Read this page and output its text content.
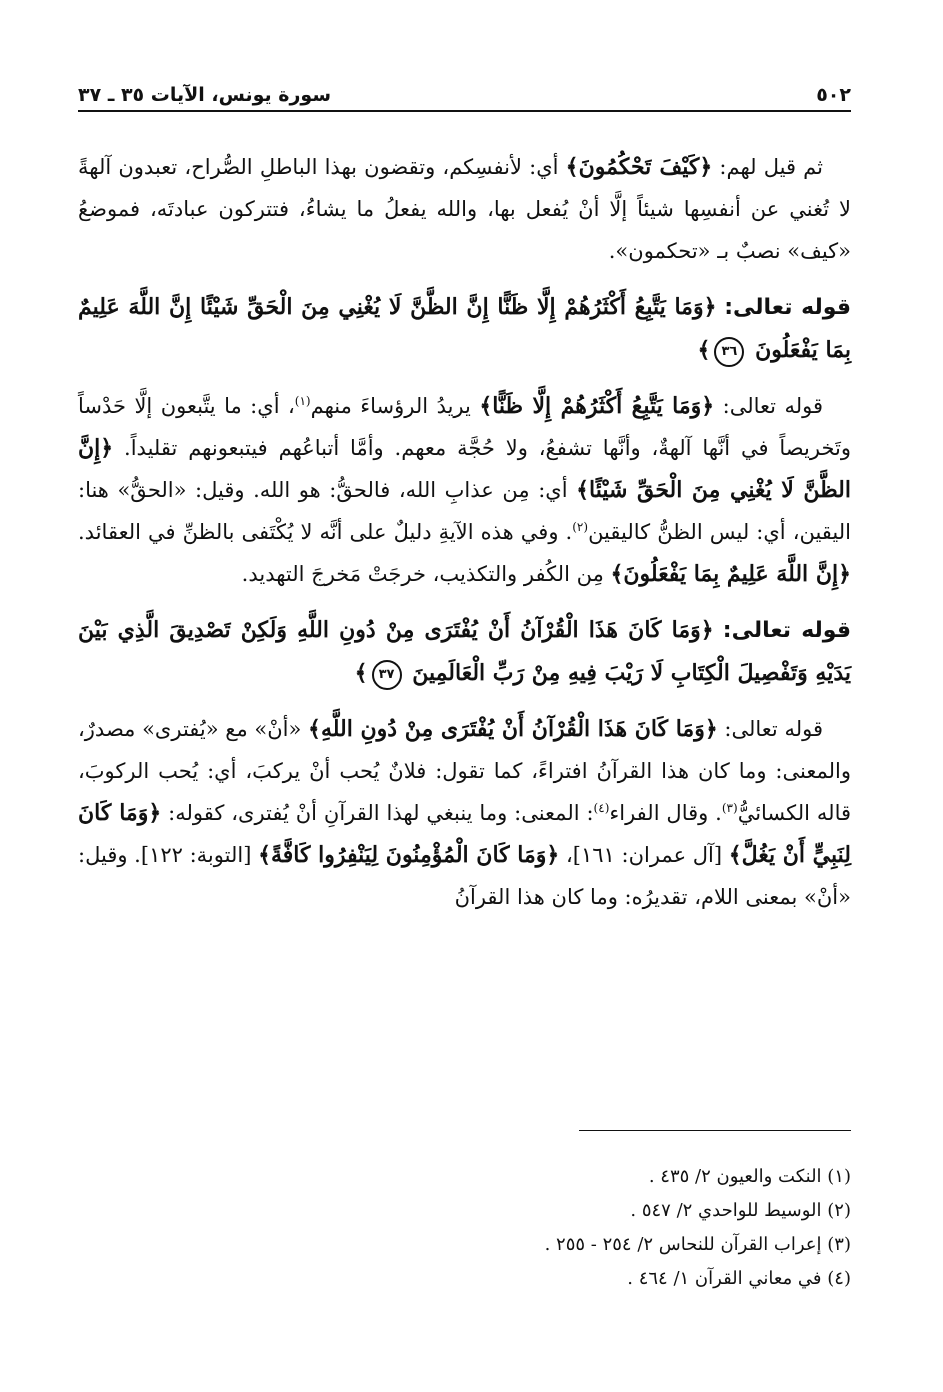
٥٠٢
سورة يونس، الآيات ٣٥ ـ ٣٧

ثم قيل لهم: ﴿كَيْفَ تَحْكُمُونَ﴾ أي: لأنفسِكم، وتقضون بهذا الباطلِ الصُّراح، تعبدون آلهةً لا تُغني عن أنفسِها شيئاً إلَّا أنْ يُفعل بها، والله يفعلُ ما يشاءُ، فتتركون عبادتَه، فموضعُ «كيف» نصبٌ بـ «تحكمون».

قوله تعالى: ﴿وَمَا يَتَّبِعُ أَكْثَرُهُمْ إِلَّا ظَنًّا إِنَّ الظَّنَّ لَا يُغْنِي مِنَ الْحَقِّ شَيْئًا إِنَّ اللَّهَ عَلِيمٌ بِمَا يَفْعَلُونَ ٣٦﴾

قوله تعالى: ﴿وَمَا يَتَّبِعُ أَكْثَرُهُمْ إِلَّا ظَنًّا﴾ يريدُ الرؤساءَ منهم$^{(١)}$، أي: ما يتَّبعون إلَّا حَدْساً وتَخريصاً في أنَّها آلهةٌ، وأنَّها تشفعُ، ولا حُجَّة معهم. وأمَّا أتباعُهم فيتبعونهم تقليداً. ﴿إِنَّ الظَّنَّ لَا يُغْنِي مِنَ الْحَقِّ شَيْئًا﴾ أي: مِن عذابِ الله، فالحقُّ: هو الله. وقيل: «الحقُّ» هنا: اليقين، أي: ليس الظنُّ كاليقين$^{(٢)}$. وفي هذه الآيةِ دليلٌ على أنَّه لا يُكْتَفى بالظنِّ في العقائد. ﴿إِنَّ اللَّهَ عَلِيمٌ بِمَا يَفْعَلُونَ﴾ مِن الكُفر والتكذيب، خرجَتْ مَخرجَ التهديد.

قوله تعالى: ﴿وَمَا كَانَ هَذَا الْقُرْآنُ أَنْ يُفْتَرَى مِنْ دُونِ اللَّهِ وَلَكِنْ تَصْدِيقَ الَّذِي بَيْنَ يَدَيْهِ وَتَفْصِيلَ الْكِتَابِ لَا رَيْبَ فِيهِ مِنْ رَبِّ الْعَالَمِينَ ٣٧﴾

قوله تعالى: ﴿وَمَا كَانَ هَذَا الْقُرْآنُ أَنْ يُفْتَرَى مِنْ دُونِ اللَّهِ﴾ «أنْ» مع «يُفترى» مصدرٌ، والمعنى: وما كان هذا القرآنُ افتراءً، كما تقول: فلانٌ يُحب أنْ يركبَ، أي: يُحب الركوبَ، قاله الكسائيُّ$^{(٣)}$. وقال الفراء$^{(٤)}$: المعنى: وما ينبغي لهذا القرآنِ أنْ يُفترى، كقوله: ﴿وَمَا كَانَ لِنَبِيٍّ أَنْ يَغُلَّ﴾ [آل عمران: ١٦١]، ﴿وَمَا كَانَ الْمُؤْمِنُونَ لِيَنْفِرُوا كَافَّةً﴾ [التوبة: ١٢٢]. وقيل: «أنْ» بمعنى اللام، تقديرُه: وما كان هذا القرآنُ

(١) النكت والعيون ٢/ ٤٣٥ .
(٢) الوسيط للواحدي ٢/ ٥٤٧ .
(٣) إعراب القرآن للنحاس ٢/ ٢٥٤ - ٢٥٥ .
(٤) في معاني القرآن ١/ ٤٦٤ .
